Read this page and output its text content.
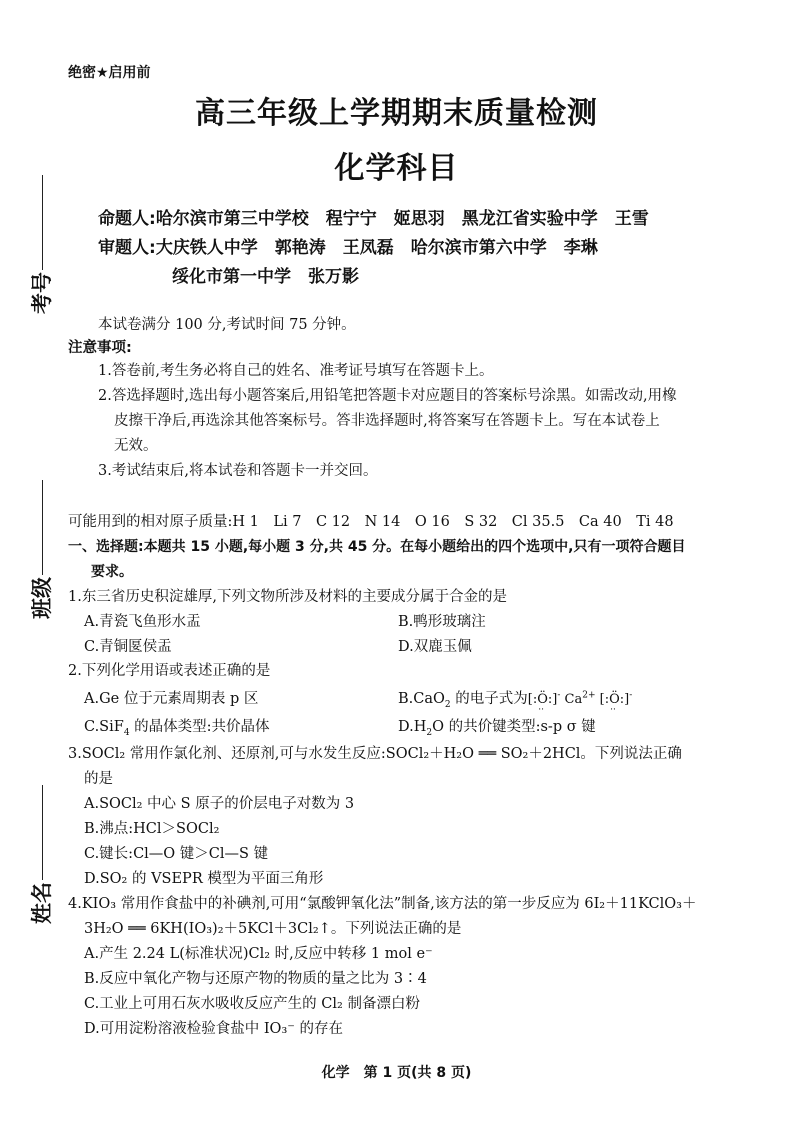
绝密★启用前
高三年级上学期期末质量检测
化学科目
命题人:哈尔滨市第三中学校　程宁宁　姬思羽　黑龙江省实验中学　王雪
审题人:大庆铁人中学　郭艳涛　王凤磊　哈尔滨市第六中学　李琳
绥化市第一中学　张万影
考号
班级
姓名
本试卷满分 100 分,考试时间 75 分钟。
注意事项:
1.答卷前,考生务必将自己的姓名、准考证号填写在答题卡上。
2.答选择题时,选出每小题答案后,用铅笔把答题卡对应题目的答案标号涂黑。如需改动,用橡
皮擦干净后,再选涂其他答案标号。答非选择题时,将答案写在答题卡上。写在本试卷上
无效。
3.考试结束后,将本试卷和答题卡一并交回。
可能用到的相对原子质量:H 1　Li 7　C 12　N 14　O 16　S 32　Cl 35.5　Ca 40　Ti 48
一、选择题:本题共 15 小题,每小题 3 分,共 45 分。在每小题给出的四个选项中,只有一项符合题目
要求。
1.东三省历史积淀雄厚,下列文物所涉及材料的主要成分属于合金的是
A.青瓷飞鱼形水盂	B.鸭形玻璃注
C.青铜匽侯盂	D.双鹿玉佩
2.下列化学用语或表述正确的是
A.Ge 位于元素周期表 p 区	B.CaO$_2$ 的电子式为[:Ö
··
:]- $Ca^{2+}$ [:Ö
··
:]-
C.SiF$_4$ 的晶体类型:共价晶体	$D.H_2O$ 的共价键类型:s-p σ 键
3.SOCl₂ 常用作氯化剂、还原剂,可与水发生反应:SOCl₂＋H₂O ══ SO₂＋2HCl。下列说法正确
的是
A.SOCl₂ 中心 S 原子的价层电子对数为 3
B.沸点:HCl＞SOCl₂
C.键长:Cl—O 键＞Cl—S 键
D.SO₂ 的 VSEPR 模型为平面三角形
4.KIO₃ 常用作食盐中的补碘剂,可用“氯酸钾氧化法”制备,该方法的第一步反应为 6I₂＋11KClO₃＋
3H₂O ══ 6KH(IO₃)₂＋5KCl＋3Cl₂↑。下列说法正确的是
A.产生 2.24 L(标准状况)Cl₂ 时,反应中转移 1 mol e⁻
B.反应中氧化产物与还原产物的物质的量之比为 3∶4
C.工业上可用石灰水吸收反应产生的 Cl₂ 制备漂白粉
D.可用淀粉溶液检验食盐中 IO₃⁻ 的存在
化学　第 1 页(共 8 页)
